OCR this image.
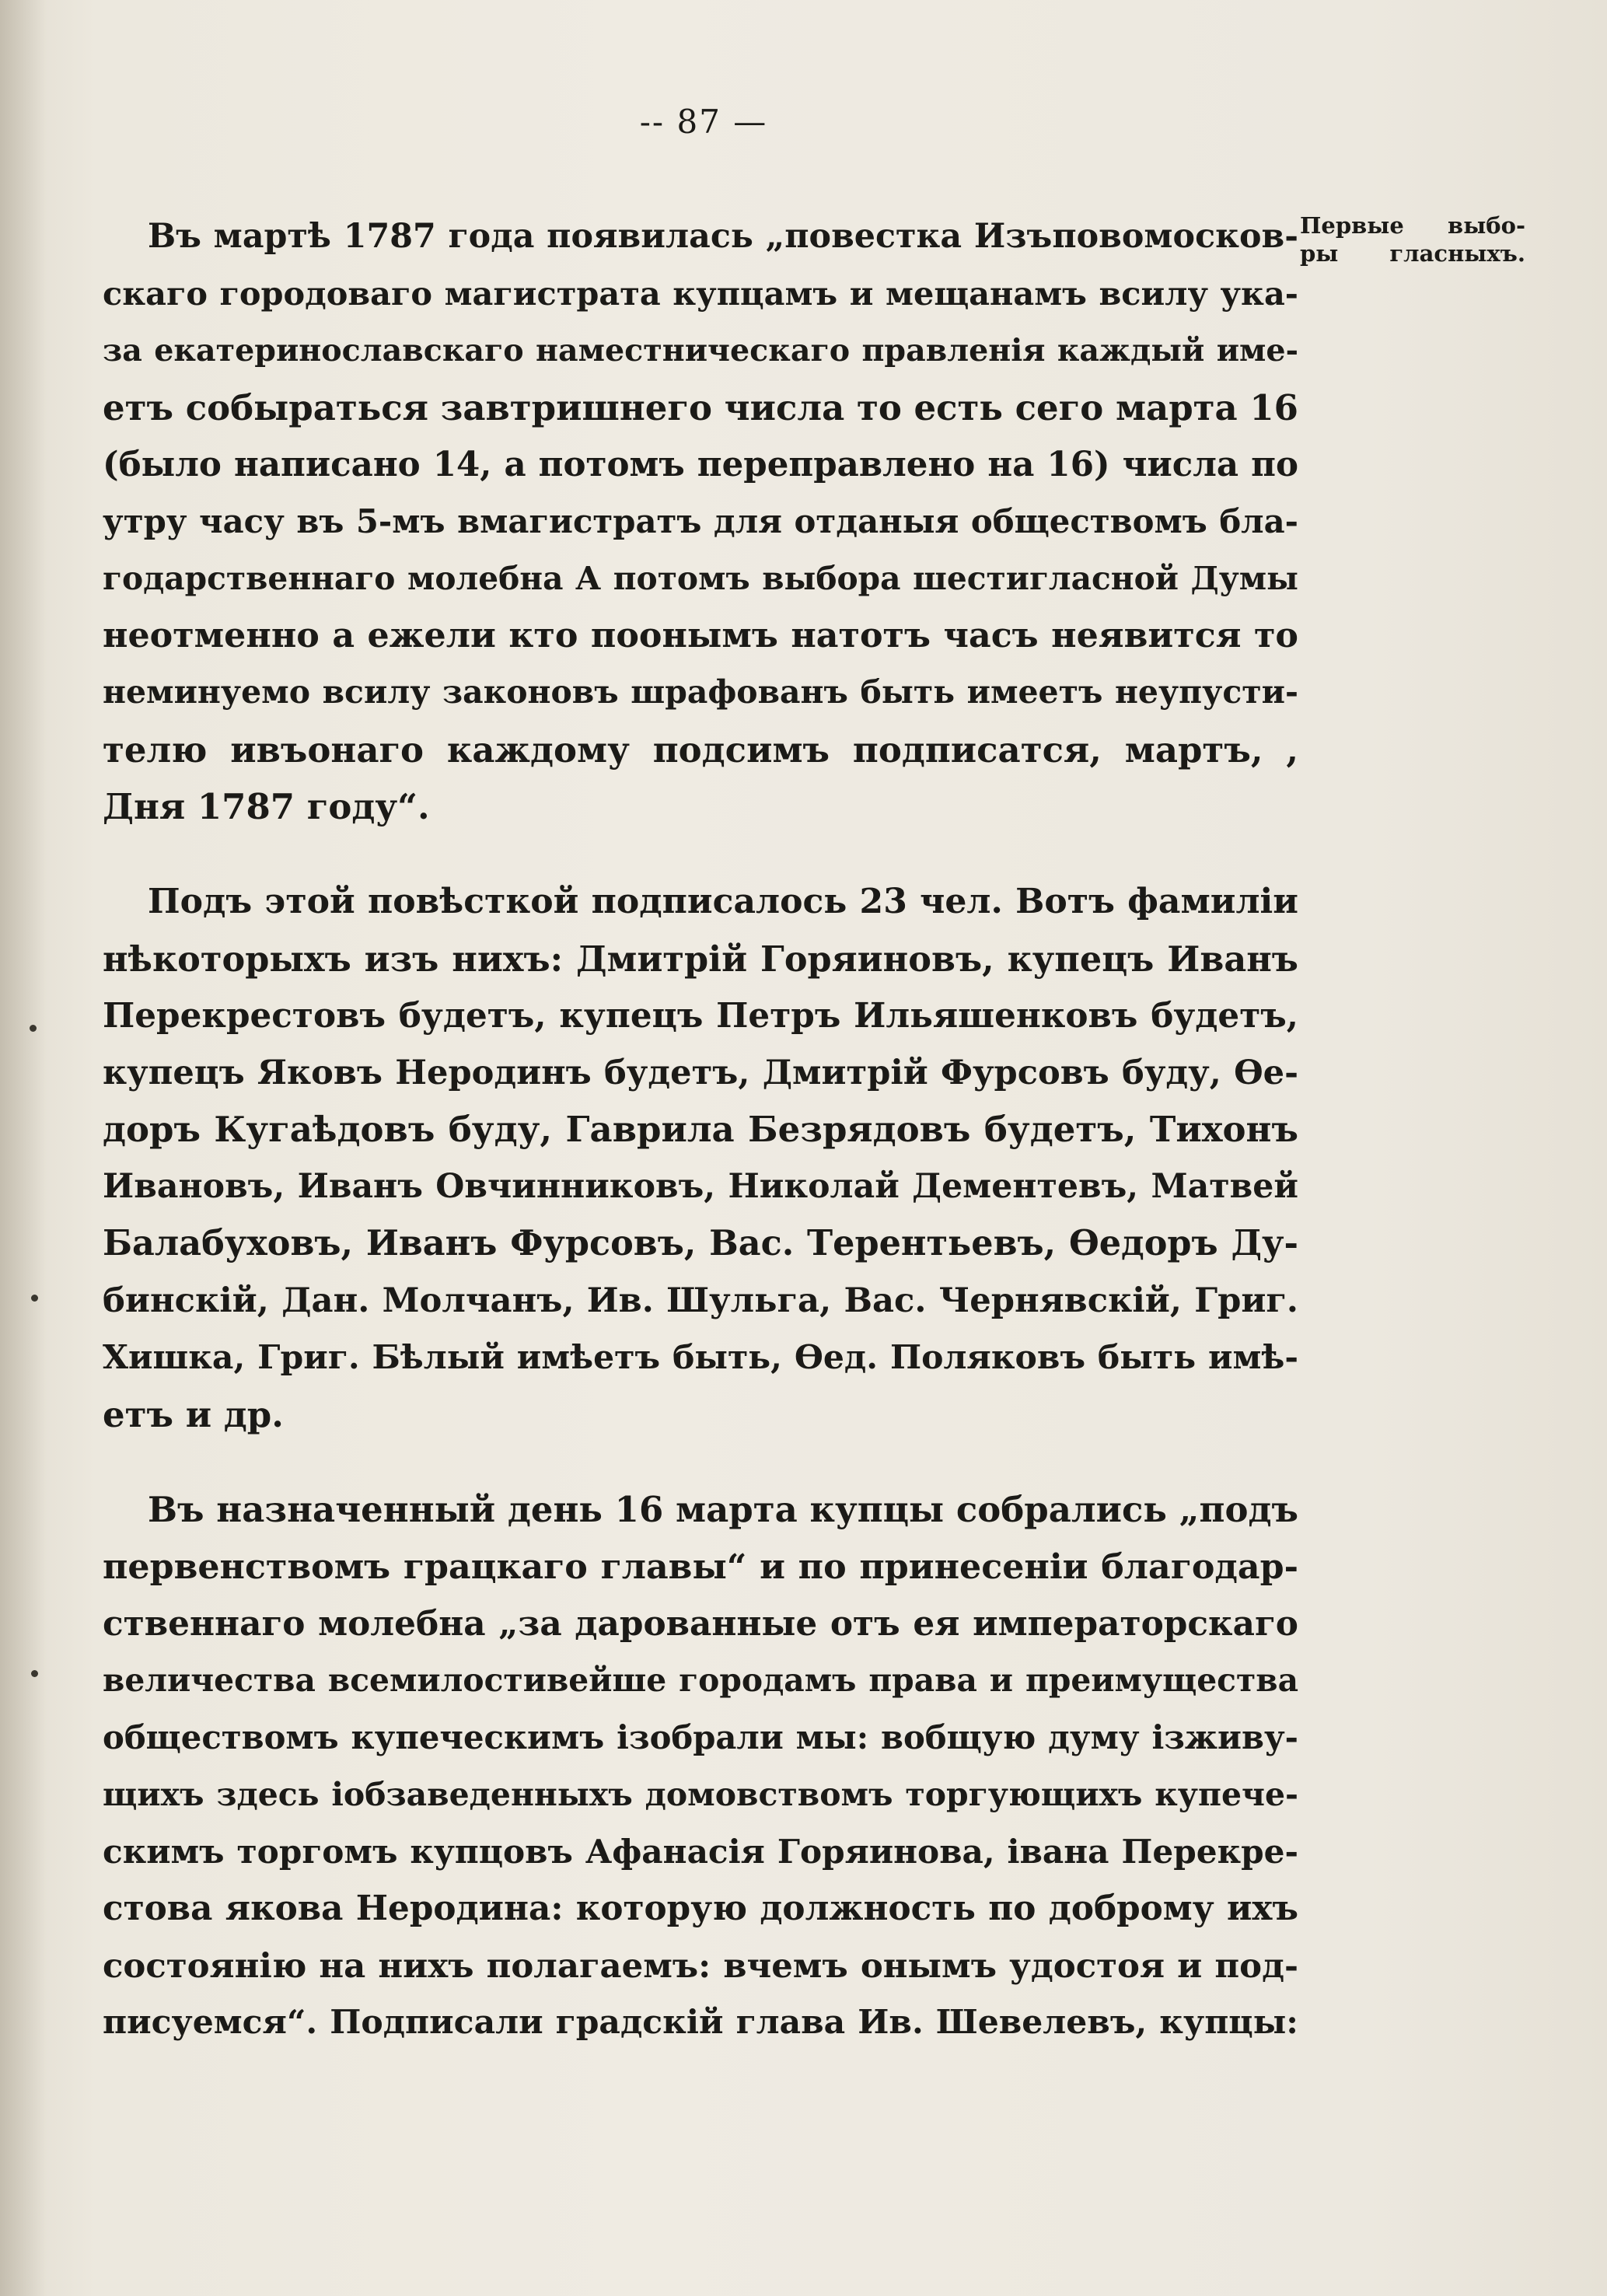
-- 87 —
Первые выбо-
ры гласныхъ.

Въ мартѣ 1787 года появилась „повестка Изъповомосков-
скаго городоваго магистрата купцамъ и мещанамъ всилу ука-
за екатеринославскаго наместническаго правленія каждый име-
етъ собыраться завтришнего числа то есть сего марта 16
(было написано 14, а потомъ переправлено на 16) числа по
утру часу въ 5-мъ вмагистратъ для отданыя обществомъ бла-
годарственнаго молебна А потомъ выбора шестигласной Думы
неотменно а ежели кто поонымъ натотъ часъ неявится то
неминуемо всилу законовъ шрафованъ быть имеетъ неупусти-
телю ивъонаго каждому подсимъ подписатся, мартъ, ,
Дня 1787 году“.

Подъ этой повѣсткой подписалось 23 чел. Вотъ фамиліи
нѣкоторыхъ изъ нихъ: Дмитрій Горяиновъ, купецъ Иванъ
Перекрестовъ будетъ, купецъ Петръ Ильяшенковъ будетъ,
купецъ Яковъ Неродинъ будетъ, Дмитрій Фурсовъ буду, Ѳе-
доръ Кугаѣдовъ буду, Гаврила Безрядовъ будетъ, Тихонъ
Ивановъ, Иванъ Овчинниковъ, Николай Дементевъ, Матвей
Балабуховъ, Иванъ Фурсовъ, Вас. Терентьевъ, Ѳедоръ Ду-
бинскій, Дан. Молчанъ, Ив. Шульга, Вас. Чернявскій, Григ.
Хишка, Григ. Бѣлый имѣетъ быть, Ѳед. Поляковъ быть имѣ-
етъ и др.

Въ назначенный день 16 марта купцы собрались „подъ
первенствомъ грацкаго главы“ и по принесеніи благодар-
ственнаго молебна „за дарованные отъ ея императорскаго
величества всемилостивейше городамъ права и преимущества
обществомъ купеческимъ ізобрали мы: вобщую думу ізживу-
щихъ здесь іобзаведенныхъ домовствомъ торгующихъ купече-
скимъ торгомъ купцовъ Афанасія Горяинова, івана Перекре-
стова якова Неродина: которую должность по доброму ихъ
состоянію на нихъ полагаемъ: вчемъ онымъ удостоя и под-
писуемся“. Подписали градскій глава Ив. Шевелевъ, купцы:
